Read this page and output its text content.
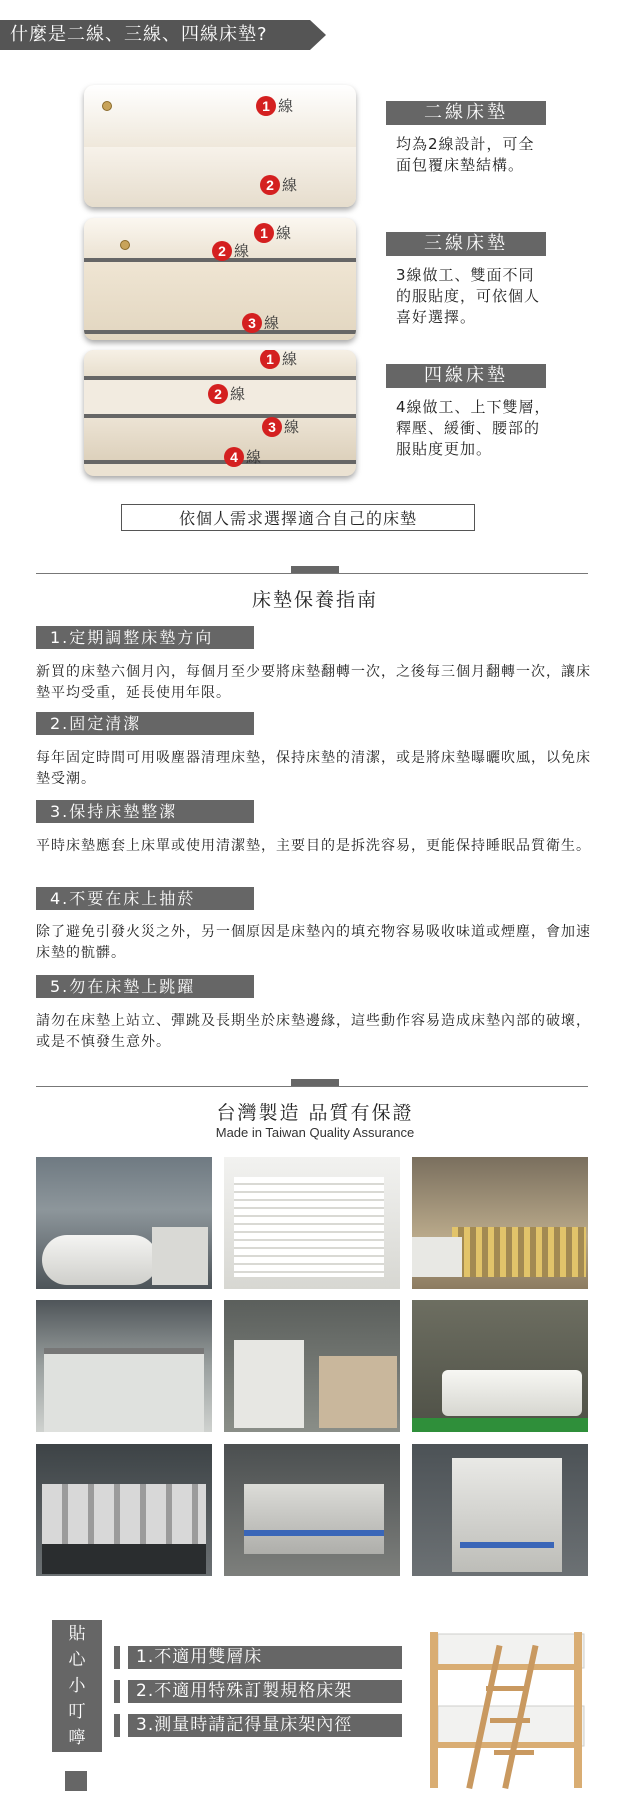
什麼是二線、三線、四線床墊?
1 線
2 線
1 線
2 線
3 線
1 線
2 線
3 線
4 線
二線床墊
均為2線設計，可全面包覆床墊結構。
三線床墊
3線做工、雙面不同的服貼度，可依個人喜好選擇。
四線床墊
4線做工、上下雙層，釋壓、緩衝、腰部的服貼度更加。
依個人需求選擇適合自己的床墊
床墊保養指南
1.定期調整床墊方向
新買的床墊六個月內，每個月至少要將床墊翻轉一次，之後每三個月翻轉一次，讓床墊平均受重，延長使用年限。
2.固定清潔
每年固定時間可用吸塵器清理床墊，保持床墊的清潔，或是將床墊曝曬吹風，以免床墊受潮。
3.保持床墊整潔
平時床墊應套上床單或使用清潔墊，主要目的是拆洗容易，更能保持睡眠品質衛生。
4.不要在床上抽菸
除了避免引發火災之外，另一個原因是床墊內的填充物容易吸收味道或煙塵，會加速床墊的骯髒。
5.勿在床墊上跳躍
請勿在床墊上站立、彈跳及長期坐於床墊邊緣，這些動作容易造成床墊內部的破壞，或是不慎發生意外。
台灣製造 品質有保證
Made in Taiwan Quality Assurance
貼
心
小
叮
嚀
1.不適用雙層床
2.不適用特殊訂製規格床架
3.測量時請記得量床架內徑
